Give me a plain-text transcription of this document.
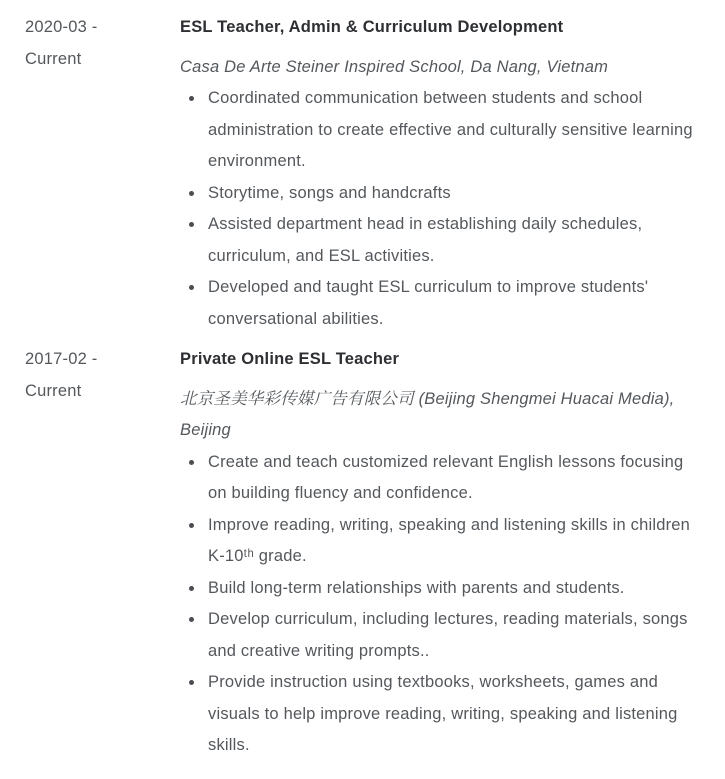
2020-03 -
Current
ESL Teacher, Admin & Curriculum Development

Casa De Arte Steiner Inspired School, Da Nang, Vietnam

Coordinated communication between students and school administration to create effective and culturally sensitive learning environment.
Storytime, songs and handcrafts
Assisted department head in establishing daily schedules, curriculum, and ESL activities.
Developed and taught ESL curriculum to improve students' conversational abilities.
2017-02 -
Current
Private Online ESL Teacher

北京圣美华彩传媒广告有限公司 (Beijing Shengmei Huacai Media), Beijing

Create and teach customized relevant English lessons focusing on building fluency and confidence.
Improve reading, writing, speaking and listening skills in children K-10ᵗʰ grade.
Build long-term relationships with parents and students.
Develop curriculum, including lectures, reading materials, songs and creative writing prompts..
Provide instruction using textbooks, worksheets, games and visuals to help improve reading, writing, speaking and listening skills.
